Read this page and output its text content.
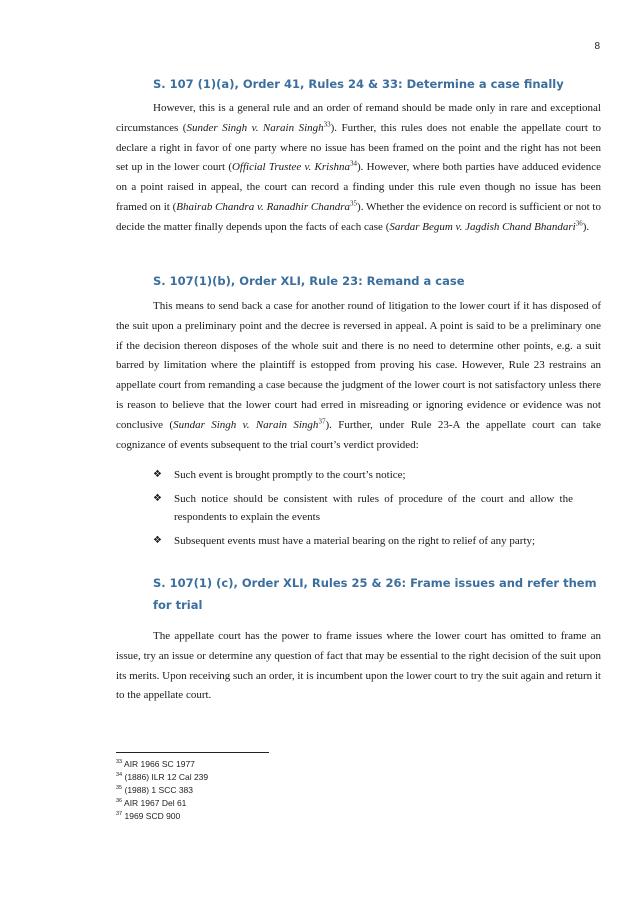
8
S. 107 (1)(a), Order 41, Rules 24 & 33: Determine a case finally

However, this is a general rule and an order of remand should be made only in rare and exceptional circumstances (Sunder Singh v. Narain Singh$^{33}$). Further, this rules does not enable the appellate court to declare a right in favor of one party where no issue has been framed on the point and the right has not been set up in the lower court (Official Trustee v. Krishna$^{34}$). However, where both parties have adduced evidence on a point raised in appeal, the court can record a finding under this rule even though no issue has been framed on it (Bhairab Chandra v. Ranadhir Chandra$^{35}$). Whether the evidence on record is sufficient or not to decide the matter finally depends upon the facts of each case (Sardar Begum v. Jagdish Chand Bhandari$^{36}$).

S. 107(1)(b), Order XLI, Rule 23: Remand a case

This means to send back a case for another round of litigation to the lower court if it has disposed of the suit upon a preliminary point and the decree is reversed in appeal. A point is said to be a preliminary one if the decision thereon disposes of the whole suit and there is no need to determine other points, e.g. a suit barred by limitation where the plaintiff is estopped from proving his case. However, Rule 23 restrains an appellate court from remanding a case because the judgment of the lower court is not satisfactory unless there is reason to believe that the lower court had erred in misreading or ignoring evidence or evidence was not conclusive (Sundar Singh v. Narain Singh$^{37}$). Further, under Rule 23-A the appellate court can take cognizance of events subsequent to the trial court’s verdict provided:

❖ Such event is brought promptly to the court’s notice;
❖ Such notice should be consistent with rules of procedure of the court and allow the respondents to explain the events
❖ Subsequent events must have a material bearing on the right to relief of any party;
S. 107(1) (c), Order XLI, Rules 25 & 26: Frame issues and refer them for trial

The appellate court has the power to frame issues where the lower court has omitted to frame an issue, try an issue or determine any question of fact that may be essential to the right decision of the suit upon its merits. Upon receiving such an order, it is incumbent upon the lower court to try the suit again and return it to the appellate court.

$^{33}$ AIR 1966 SC 1977
$^{34}$ (1886) ILR 12 Cal 239
$^{35}$ (1988) 1 SCC 383
$^{36}$ AIR 1967 Del 61
$^{37}$ 1969 SCD 900
